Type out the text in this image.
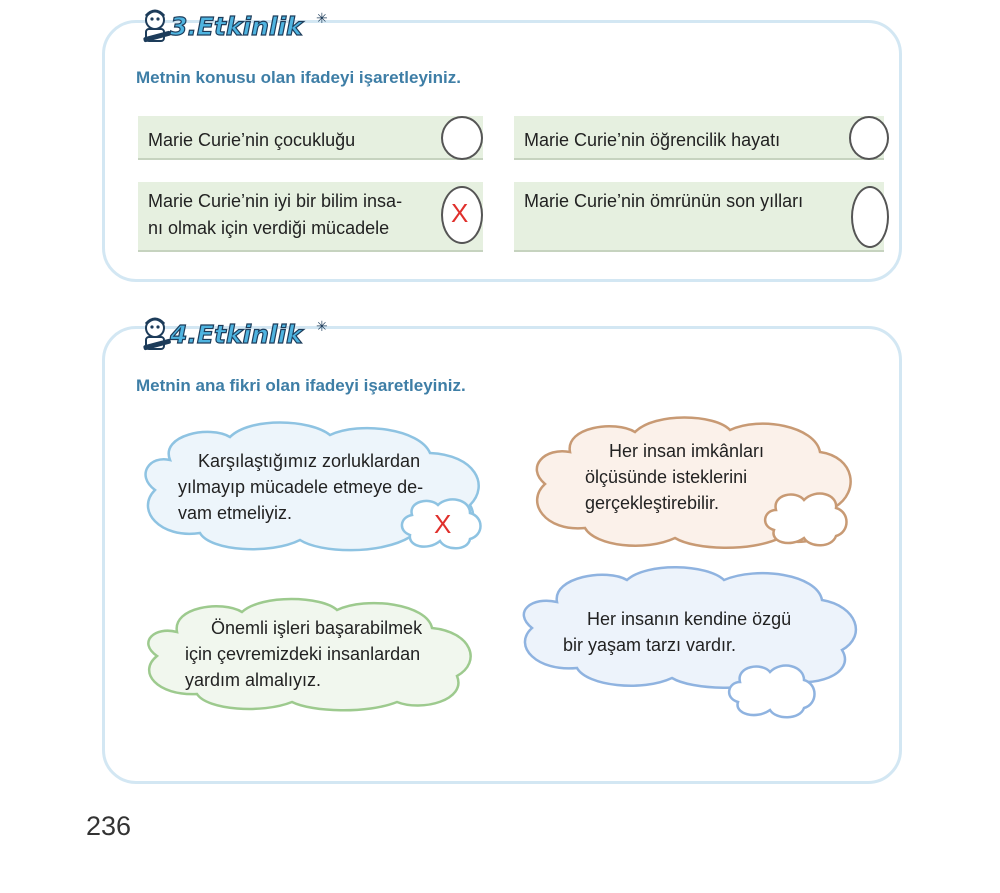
3.Etkinlik ✳
Metnin konusu olan ifadeyi işaretleyiniz.
Marie Curie’nin çocukluğu	Marie Curie’nin öğrencilik hayatı
Marie Curie’nin iyi bir bilim insa-
nı olmak için verdiği mücadele	X	Marie Curie’nin ömrünün son yılları
4.Etkinlik ✳
Metnin ana fikri olan ifadeyi işaretleyiniz.
Karşılaştığımız zorluklardan
yılmayıp mücadele etmeye de-
vam etmeliyiz.	X
Her insan imkânları
ölçüsünde isteklerini
gerçekleştirebilir.
Önemli işleri başarabilmek
için çevremizdeki insanlardan
yardım almalıyız.
Her insanın kendine özgü
bir yaşam tarzı vardır.
236
